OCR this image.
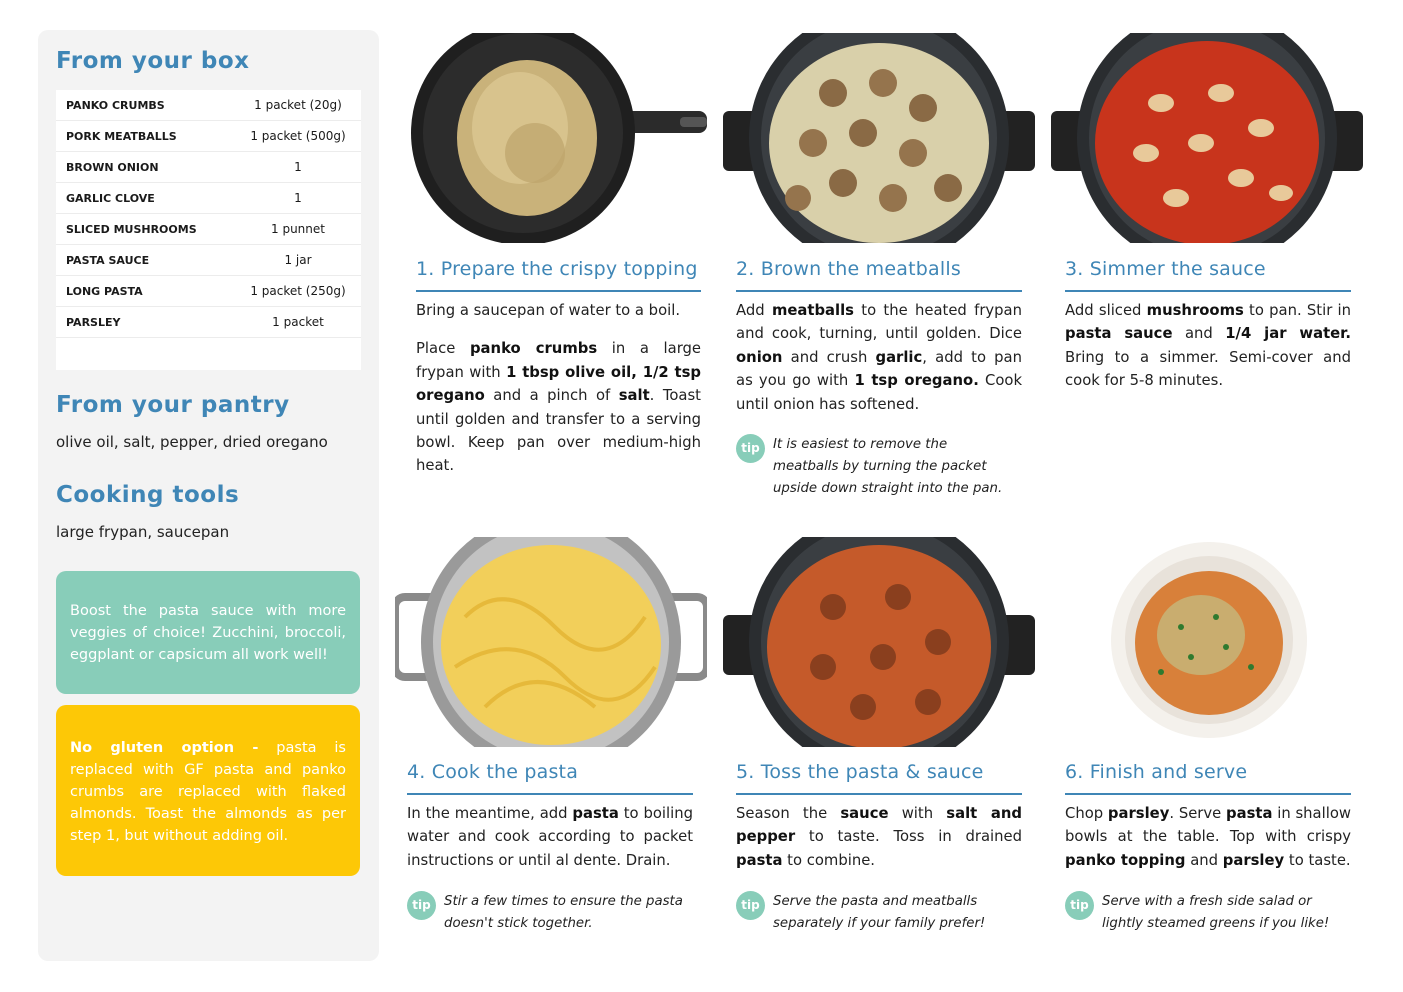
From your box
PANKO CRUMBS	1 packet (20g)
PORK MEATBALLS	1 packet (500g)
BROWN ONION	1
GARLIC CLOVE	1
SLICED MUSHROOMS	1 punnet
PASTA SAUCE	1 jar
LONG PASTA	1 packet (250g)
PARSLEY	1 packet
From your pantry
olive oil, salt, pepper, dried oregano
Cooking tools
large frypan, saucepan
Boost the pasta sauce with more veggies of choice! Zucchini, broccoli, eggplant or capsicum all work well!
No gluten option - pasta is replaced with GF pasta and panko crumbs are replaced with flaked almonds. Toast the almonds as per step 1, but without adding oil.
1. Prepare the crispy topping

Bring a saucepan of water to a boil.

Place panko crumbs in a large frypan with 1 tbsp olive oil, 1/2 tsp oregano and a pinch of salt. Toast until golden and transfer to a serving bowl. Keep pan over medium-high heat.

2. Brown the meatballs

Add meatballs to the heated frypan and cook, turning, until golden. Dice onion and crush garlic, add to pan as you go with 1 tsp oregano. Cook until onion has softened.

tip It is easiest to remove the meatballs by turning the packet upside down straight into the pan.
3. Simmer the sauce

Add sliced mushrooms to pan. Stir in pasta sauce and 1/4 jar water. Bring to a simmer. Semi-cover and cook for 5-8 minutes.

4. Cook the pasta

In the meantime, add pasta to boiling water and cook according to packet instructions or until al dente. Drain.

tip Stir a few times to ensure the pasta doesn't stick together.
5. Toss the pasta & sauce

Season the sauce with salt and pepper to taste. Toss in drained pasta to combine.

tip Serve the pasta and meatballs separately if your family prefer!
6. Finish and serve

Chop parsley. Serve pasta in shallow bowls at the table. Top with crispy panko topping and parsley to taste.

tip Serve with a fresh side salad or lightly steamed greens if you like!
